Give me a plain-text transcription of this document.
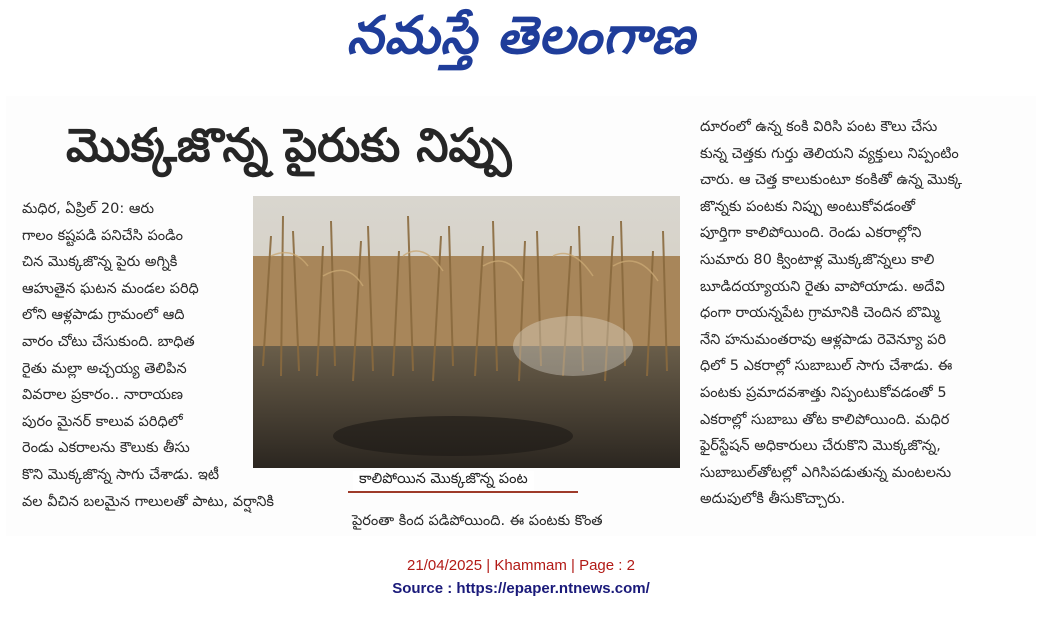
నమస్తే తెలంగాణ
మొక్కజొన్న పైరుకు నిప్పు
మధిర, ఏప్రిల్ 20: ఆరు
గాలం కష్టపడి పనిచేసి పండిం
చిన మొక్కజొన్న పైరు అగ్నికి
ఆహుతైన ఘటన మండల పరిధి
లోని ఆళ్లపాడు గ్రామంలో ఆది
వారం చోటు చేసుకుంది. బాధిత
రైతు మల్లా అచ్చయ్య తెలిపిన
వివరాల ప్రకారం.. నారాయణ
పురం మైనర్ కాలువ పరిధిలో
రెండు ఎకరాలను కౌలుకు తీసు
కొని మొక్కజొన్న సాగు చేశాడు. ఇటీ
వల వీచిన బలమైన గాలులతో పాటు, వర్షానికి
కాలిపోయిన మొక్కజొన్న పంట
పైరంతా కింద పడిపోయింది. ఈ పంటకు కొంత
దూరంలో ఉన్న కంకి విరిసి పంట కౌలు చేసు
కున్న చెత్తకు గుర్తు తెలియని వ్యక్తులు నిప్పంటిం
చారు. ఆ చెత్త కాలుకుంటూ కంకితో ఉన్న మొక్క
జొన్నకు పంటకు నిప్పు అంటుకోవడంతో
పూర్తిగా కాలిపోయింది. రెండు ఎకరాల్లోని
సుమారు 80 క్వింటాళ్ల మొక్కజొన్నలు కాలి
బూడిదయ్యాయని రైతు వాపోయాడు. అదేవి
ధంగా రాయన్నపేట గ్రామానికి చెందిన బొమ్మి
నేని హనుమంతరావు ఆళ్లపాడు రెవెన్యూ పరి
ధిలో 5 ఎకరాల్లో సుబాబుల్ సాగు చేశాడు. ఈ
పంటకు ప్రమాదవశాత్తు నిప్పంటుకోవడంతో 5
ఎకరాల్లో సుబాబు తోట కాలిపోయింది. మధిర
ఫైర్‌స్టేషన్ అధికారులు చేరుకొని మొక్కజొన్న,
సుబాబుల్‌తోటల్లో ఎగిసిపడుతున్న మంటలను
అదుపులోకి తీసుకొచ్చారు.
21/04/2025 | Khammam | Page : 2
Source : https://epaper.ntnews.com/
